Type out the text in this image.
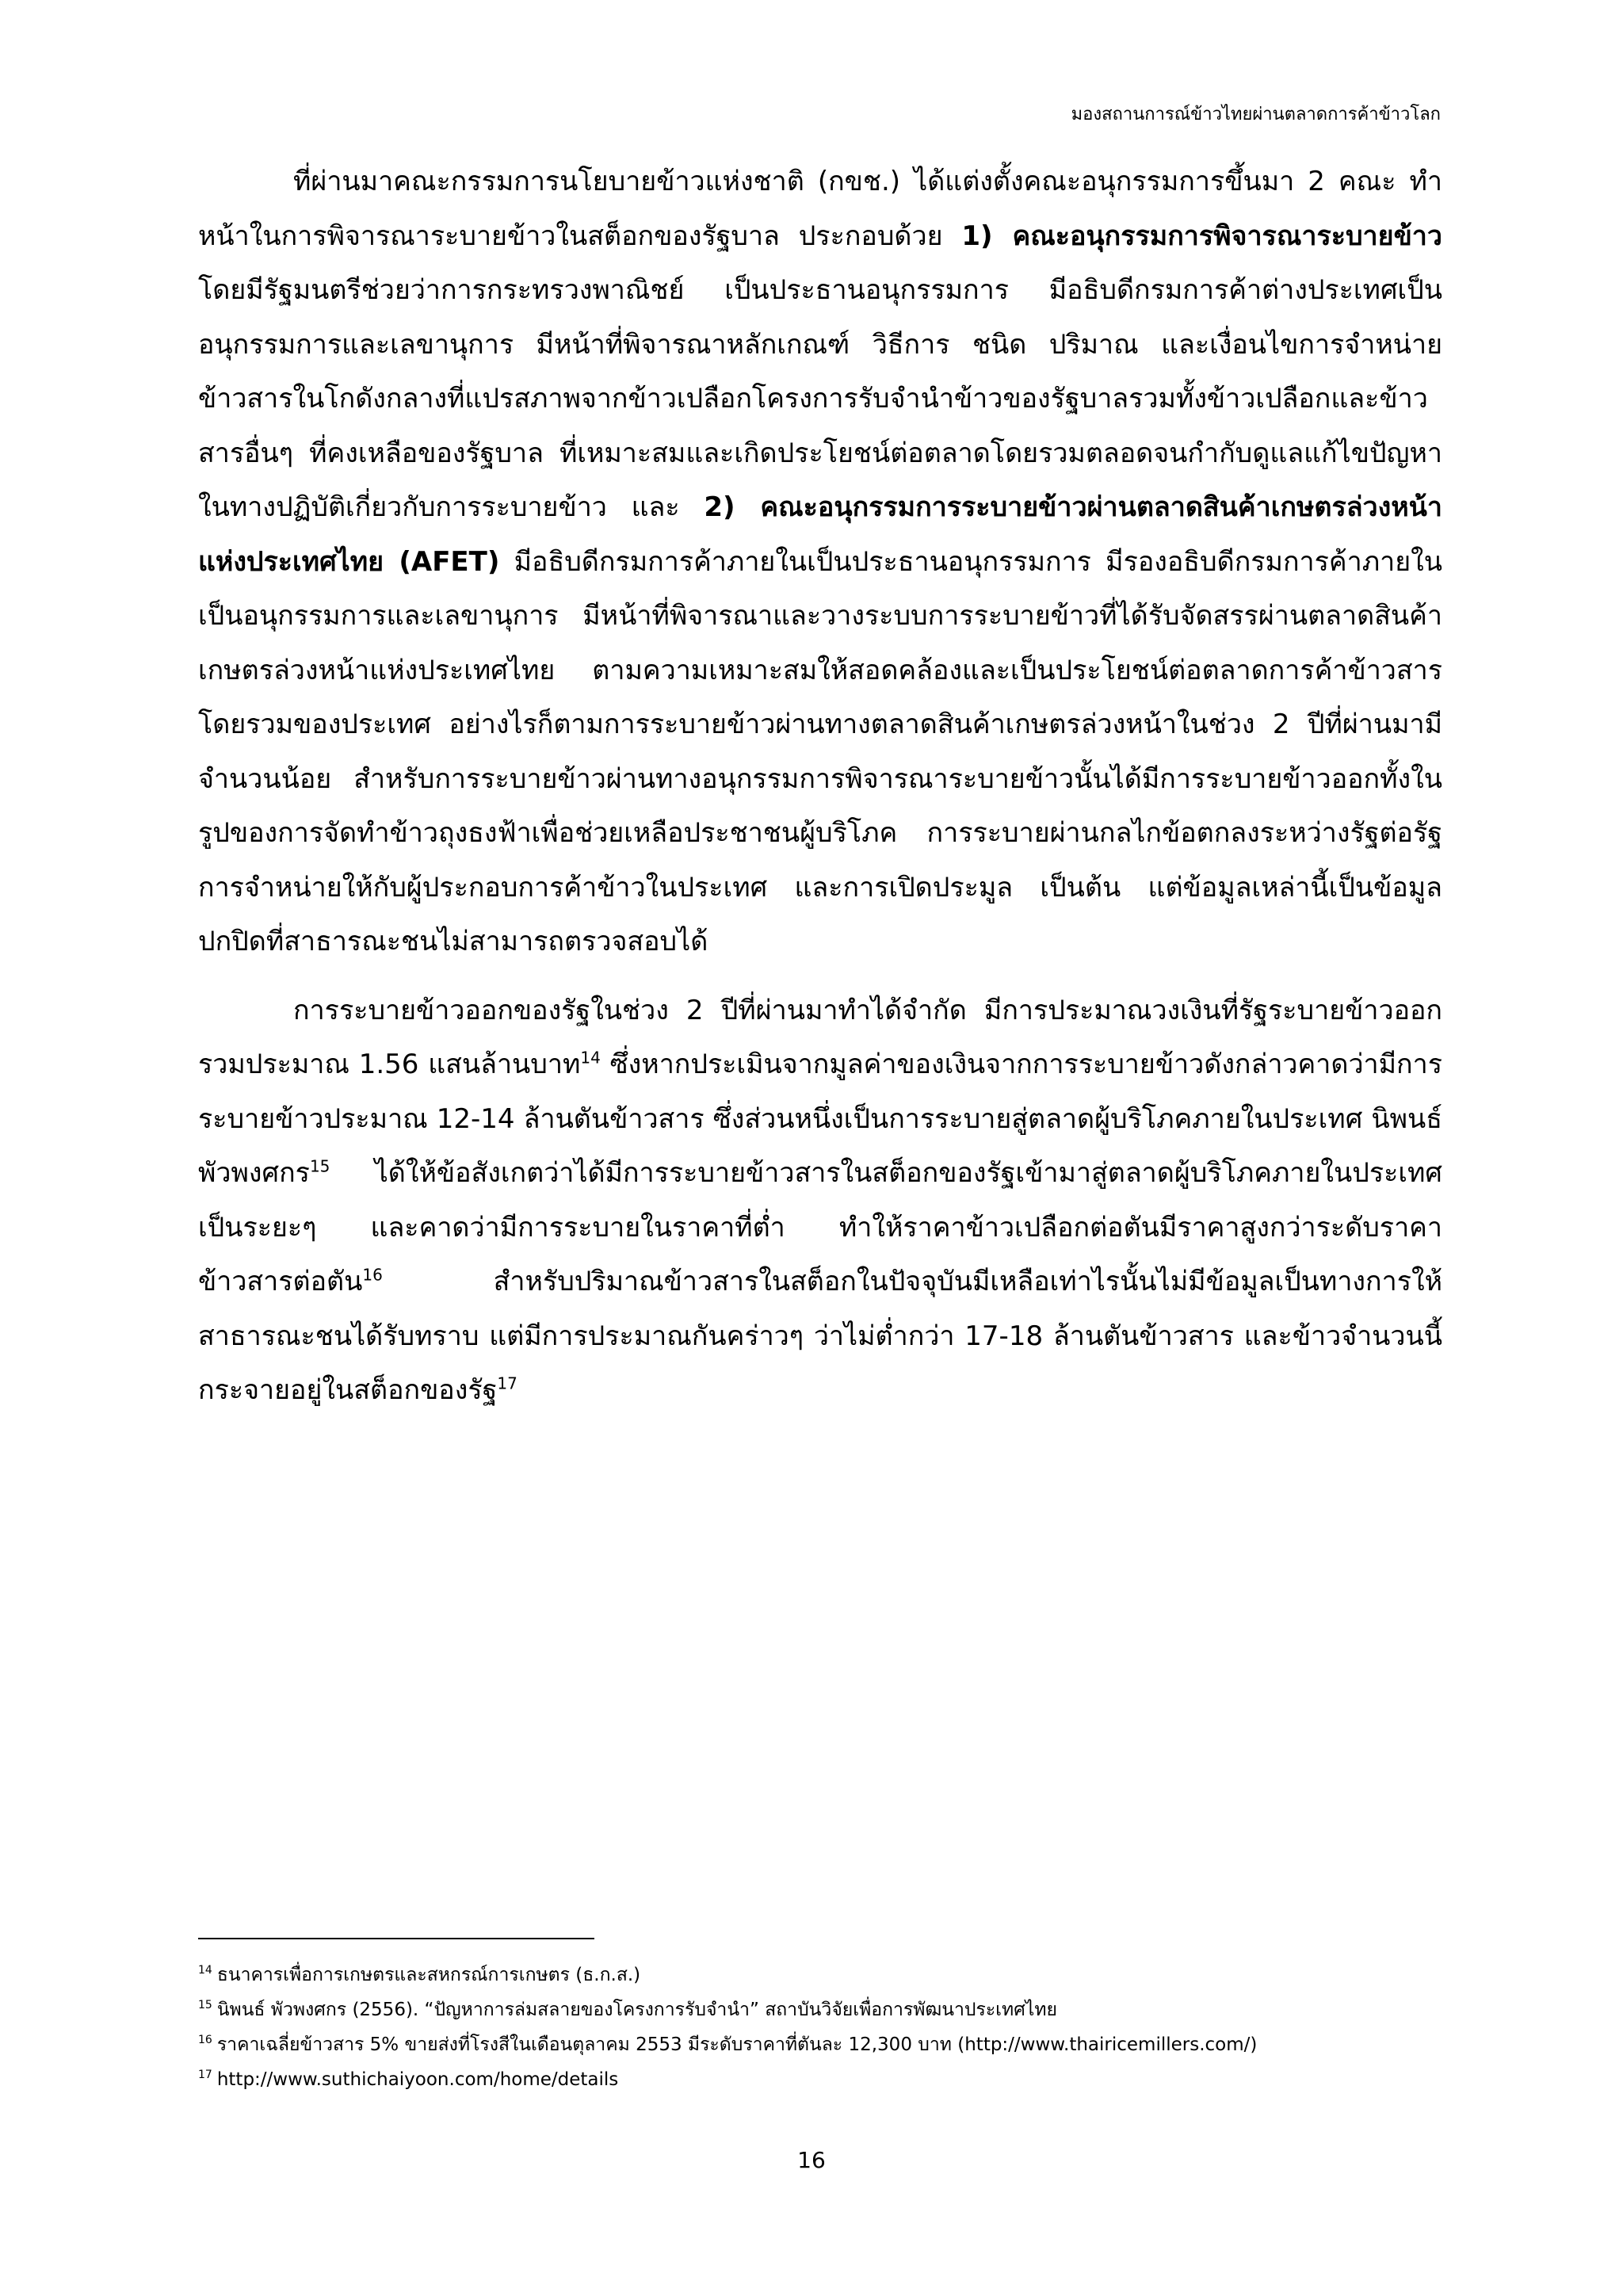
มองสถานการณ์ข้าวไทยผ่านตลาดการค้าข้าวโลก

ที่ผ่านมาคณะกรรมการนโยบายข้าวแห่งชาติ (กขช.) ได้แต่งตั้งคณะอนุกรรมการขึ้นมา 2 คณะ ทำหน้าในการพิจารณาระบายข้าวในสต็อกของรัฐบาล ประกอบด้วย 1) คณะอนุกรรมการพิจารณาระบายข้าว โดยมีรัฐมนตรีช่วยว่าการกระทรวงพาณิชย์ เป็นประธานอนุกรรมการ มีอธิบดีกรมการค้าต่างประเทศเป็นอนุกรรมการและเลขานุการ มีหน้าที่พิจารณาหลักเกณฑ์ วิธีการ ชนิด ปริมาณ และเงื่อนไขการจำหน่ายข้าวสารในโกดังกลางที่แปรสภาพจากข้าวเปลือกโครงการรับจำนำข้าวของรัฐบาลรวมทั้งข้าวเปลือกและข้าวสารอื่นๆ ที่คงเหลือของรัฐบาล ที่เหมาะสมและเกิดประโยชน์ต่อตลาดโดยรวมตลอดจนกำกับดูแลแก้ไขปัญหาในทางปฏิบัติเกี่ยวกับการระบายข้าว และ 2) คณะอนุกรรมการระบายข้าวผ่านตลาดสินค้าเกษตรล่วงหน้าแห่งประเทศไทย (AFET) มีอธิบดีกรมการค้าภายในเป็นประธานอนุกรรมการ มีรองอธิบดีกรมการค้าภายในเป็นอนุกรรมการและเลขานุการ มีหน้าที่พิจารณาและวางระบบการระบายข้าวที่ได้รับจัดสรรผ่านตลาดสินค้าเกษตรล่วงหน้าแห่งประเทศไทย ตามความเหมาะสมให้สอดคล้องและเป็นประโยชน์ต่อตลาดการค้าข้าวสารโดยรวมของประเทศ อย่างไรก็ตามการระบายข้าวผ่านทางตลาดสินค้าเกษตรล่วงหน้าในช่วง 2 ปีที่ผ่านมามีจำนวนน้อย สำหรับการระบายข้าวผ่านทางอนุกรรมการพิจารณาระบายข้าวนั้นได้มีการระบายข้าวออกทั้งในรูปของการจัดทำข้าวถุงธงฟ้าเพื่อช่วยเหลือประชาชนผู้บริโภค การระบายผ่านกลไกข้อตกลงระหว่างรัฐต่อรัฐ การจำหน่ายให้กับผู้ประกอบการค้าข้าวในประเทศ และการเปิดประมูล เป็นต้น แต่ข้อมูลเหล่านี้เป็นข้อมูลปกปิดที่สาธารณะชนไม่สามารถตรวจสอบได้

การระบายข้าวออกของรัฐในช่วง 2 ปีที่ผ่านมาทำได้จำกัด มีการประมาณวงเงินที่รัฐระบายข้าวออกรวมประมาณ 1.56 แสนล้านบาท$^{14}$ ซึ่งหากประเมินจากมูลค่าของเงินจากการระบายข้าวดังกล่าวคาดว่ามีการระบายข้าวประมาณ 12-14 ล้านตันข้าวสาร ซึ่งส่วนหนึ่งเป็นการระบายสู่ตลาดผู้บริโภคภายในประเทศ นิพนธ์ พัวพงศกร$^{15}$ ได้ให้ข้อสังเกตว่าได้มีการระบายข้าวสารในสต็อกของรัฐเข้ามาสู่ตลาดผู้บริโภคภายในประเทศเป็นระยะๆ และคาดว่ามีการระบายในราคาที่ต่ำ ทำให้ราคาข้าวเปลือกต่อตันมีราคาสูงกว่าระดับราคาข้าวสารต่อตัน$^{16}$ สำหรับปริมาณข้าวสารในสต็อกในปัจจุบันมีเหลือเท่าไรนั้นไม่มีข้อมูลเป็นทางการให้สาธารณะชนได้รับทราบ แต่มีการประมาณกันคร่าวๆ ว่าไม่ต่ำกว่า 17-18 ล้านตันข้าวสาร และข้าวจำนวนนี้กระจายอยู่ในสต็อกของรัฐ$^{17}$

$^{14}$ ธนาคารเพื่อการเกษตรและสหกรณ์การเกษตร (ธ.ก.ส.)
$^{15}$ นิพนธ์ พัวพงศกร (2556). “ปัญหาการล่มสลายของโครงการรับจำนำ” สถาบันวิจัยเพื่อการพัฒนาประเทศไทย
$^{16}$ ราคาเฉลี่ยข้าวสาร 5% ขายส่งที่โรงสีในเดือนตุลาคม 2553 มีระดับราคาที่ตันละ 12,300 บาท (http://www.thairicemillers.com/)
$^{17}$ http://www.suthichaiyoon.com/home/details
16
